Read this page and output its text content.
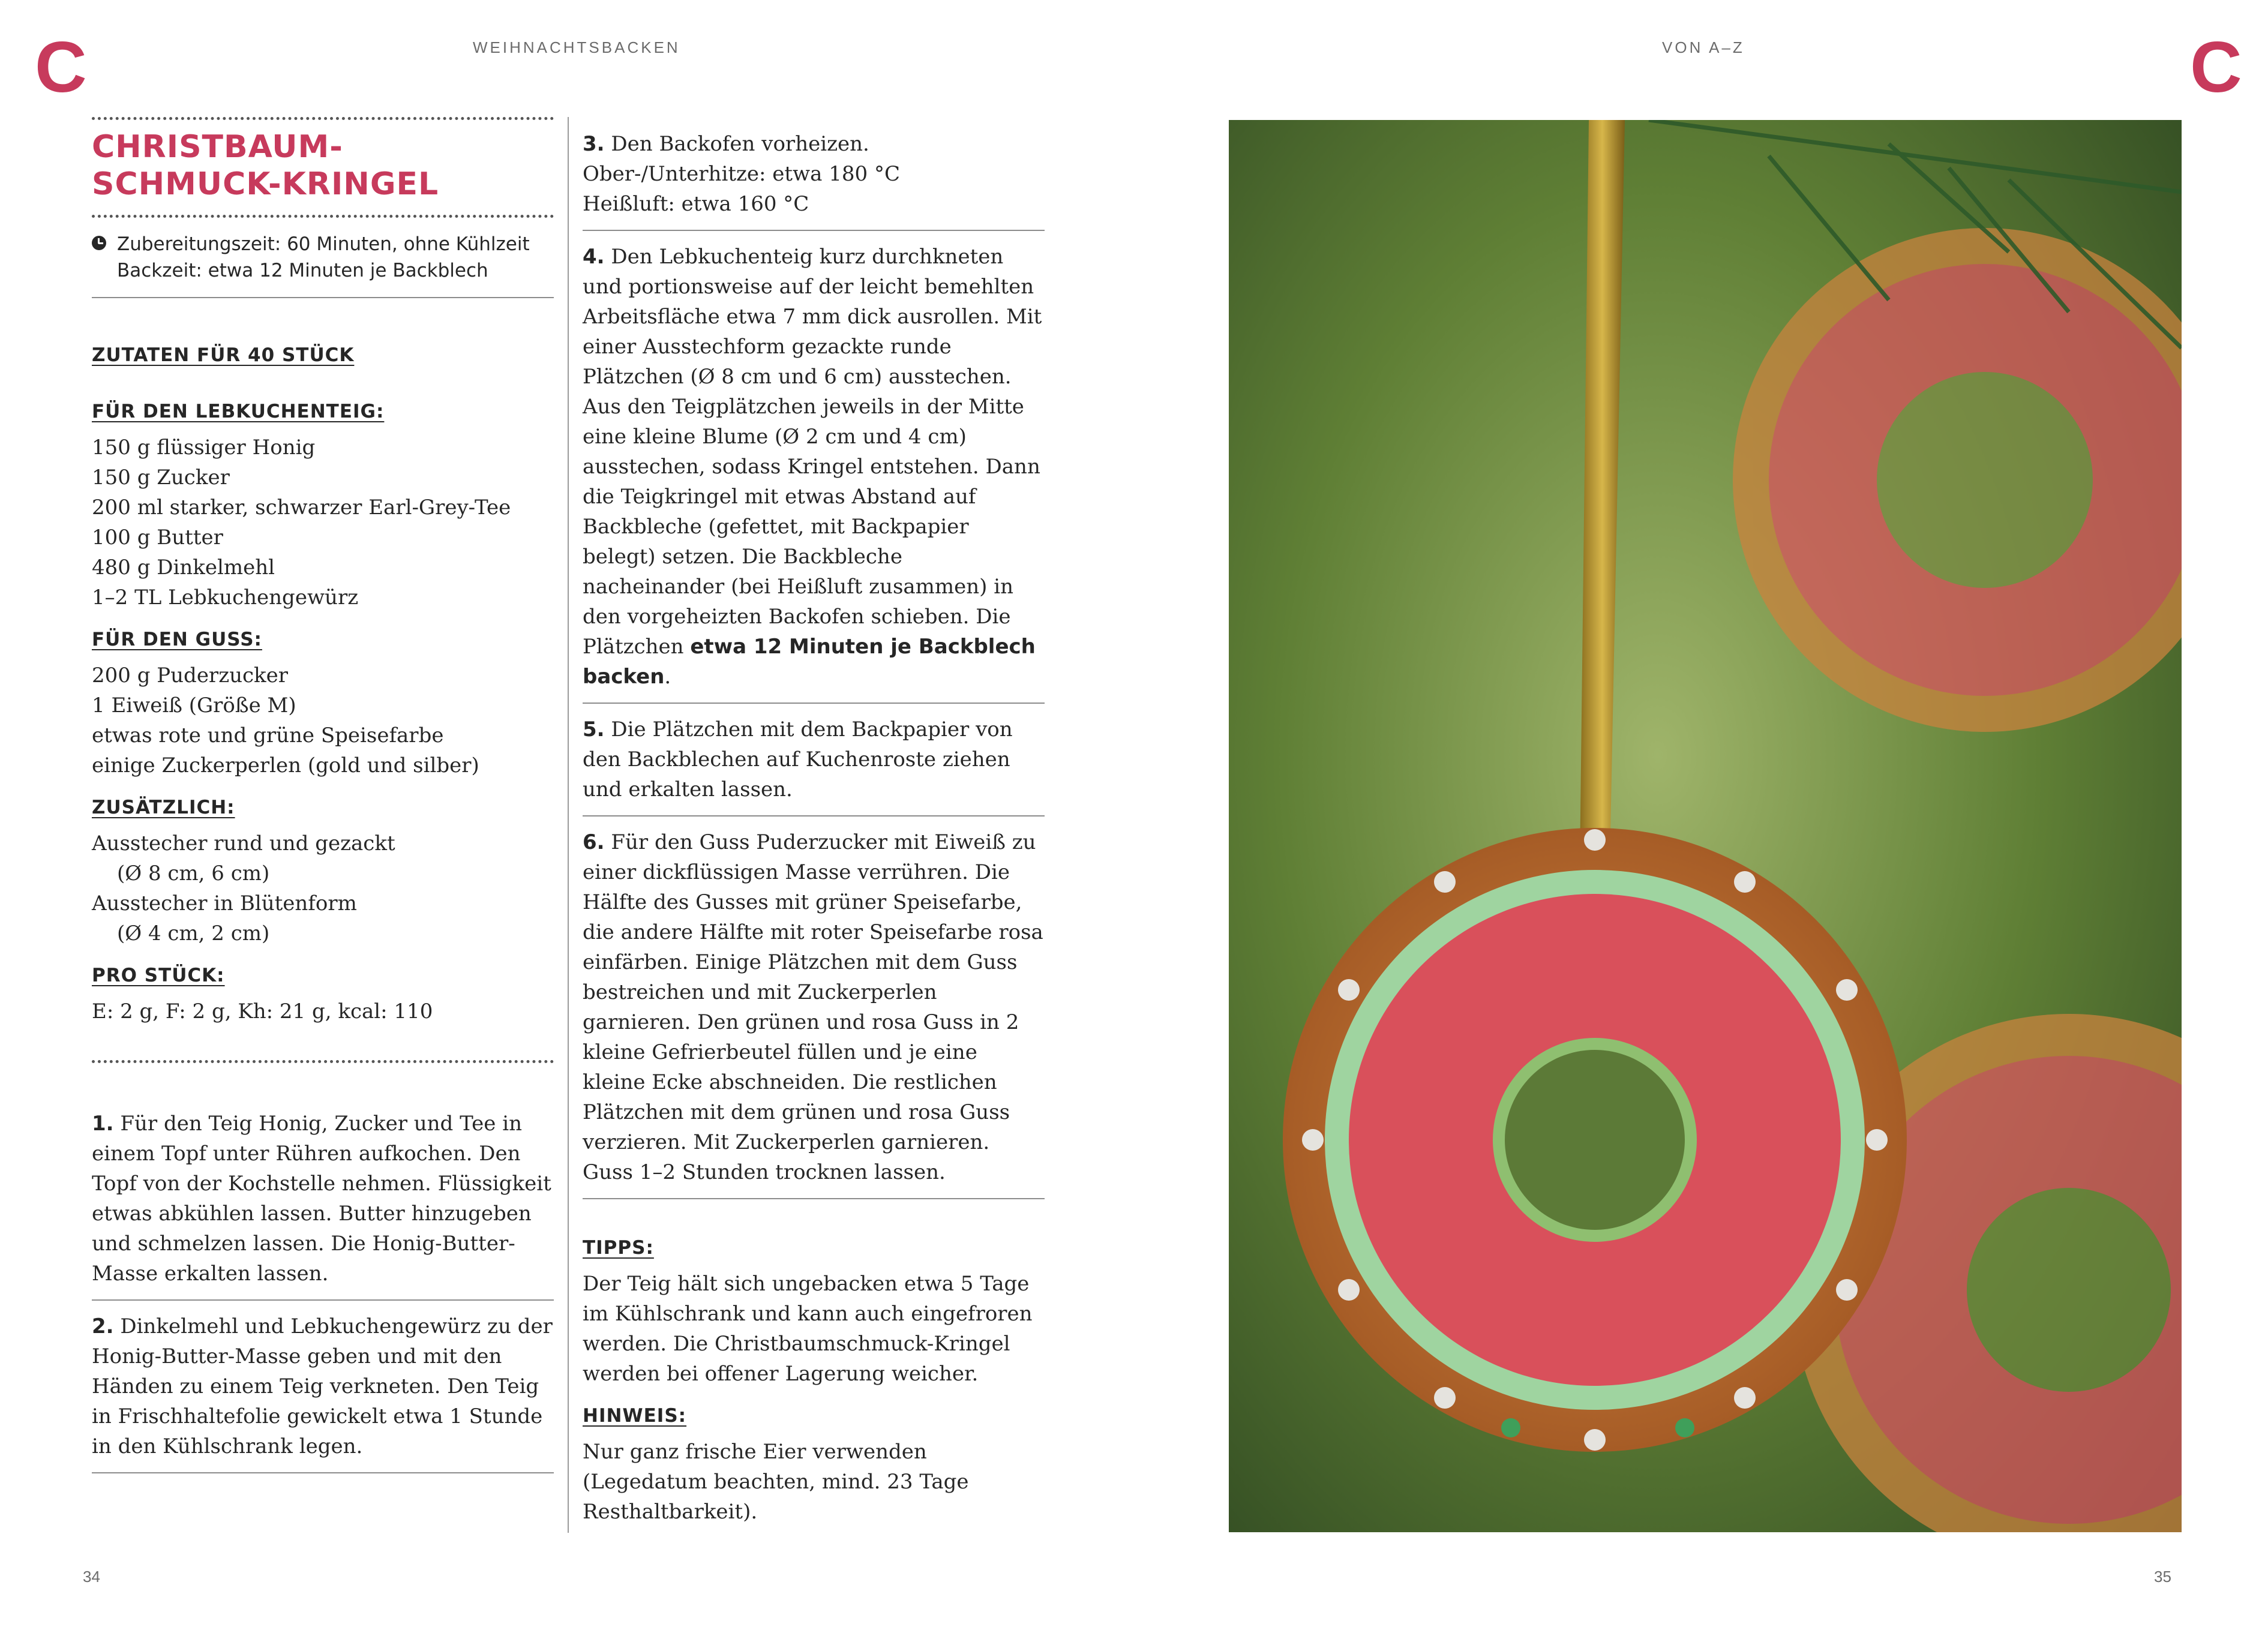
C	WEIHNACHTSBACKEN
34
CHRISTBAUM-
SCHMUCK-KRINGEL
Zubereitungszeit: 60 Minuten, ohne Kühlzeit
Backzeit: etwa 12 Minuten je Backblech
ZUTATEN FÜR 40 STÜCK
FÜR DEN LEBKUCHENTEIG:
150 g flüssiger Honig
150 g Zucker
200 ml starker, schwarzer Earl-Grey-Tee
100 g Butter
480 g Dinkelmehl
1–2 TL Lebkuchengewürz
FÜR DEN GUSS:
200 g Puderzucker
1 Eiweiß (Größe M)
etwas rote und grüne Speisefarbe
einige Zuckerperlen (gold und silber)
ZUSÄTZLICH:
Ausstecher rund und gezackt
(Ø 8 cm, 6 cm)
Ausstecher in Blütenform
(Ø 4 cm, 2 cm)
PRO STÜCK:
E: 2 g, F: 2 g, Kh: 21 g, kcal: 110
1. Für den Teig Honig, Zucker und Tee in einem Topf unter Rühren aufkochen. Den Topf von der Kochstelle nehmen. Flüssigkeit etwas abkühlen lassen. Butter hinzugeben und schmelzen lassen. Die Honig-Butter-Masse erkalten lassen.
2. Dinkelmehl und Lebkuchengewürz zu der Honig-Butter-Masse geben und mit den Händen zu einem Teig verkneten. Den Teig in Frischhaltefolie gewickelt etwa 1 Stunde in den Kühlschrank legen.
3. Den Backofen vorheizen.
Ober-/Unterhitze: etwa 180 °C
Heißluft: etwa 160 °C
4. Den Lebkuchenteig kurz durchkneten und portionsweise auf der leicht bemehlten Arbeitsfläche etwa 7 mm dick ausrollen. Mit einer Ausstechform gezackte runde Plätzchen (Ø 8 cm und 6 cm) ausstechen. Aus den Teigplätzchen jeweils in der Mitte eine kleine Blume (Ø 2 cm und 4 cm) ausstechen, sodass Kringel entstehen. Dann die Teigkringel mit etwas Abstand auf Backbleche (gefettet, mit Backpapier belegt) setzen. Die Backbleche nacheinander (bei Heißluft zusammen) in den vorgeheizten Backofen schieben. Die Plätzchen etwa 12 Minuten je Backblech backen.
5. Die Plätzchen mit dem Backpapier von den Backblechen auf Kuchenroste ziehen und erkalten lassen.
6. Für den Guss Puderzucker mit Eiweiß zu einer dickflüssigen Masse verrühren. Die Hälfte des Gusses mit grüner Speisefarbe, die andere Hälfte mit roter Speisefarbe rosa einfärben. Einige Plätzchen mit dem Guss bestreichen und mit Zuckerperlen garnieren. Den grünen und rosa Guss in 2 kleine Gefrierbeutel füllen und je eine kleine Ecke abschneiden. Die restlichen Plätzchen mit dem grünen und rosa Guss verzieren. Mit Zuckerperlen garnieren. Guss 1–2 Stunden trocknen lassen.
TIPPS:
Der Teig hält sich ungebacken etwa 5 Tage im Kühlschrank und kann auch eingefroren werden. Die Christbaumschmuck-Kringel werden bei offener Lagerung weicher.
HINWEIS:
Nur ganz frische Eier verwenden (Legedatum beachten, mind. 23 Tage Resthaltbarkeit).
VON A–Z	C
35
